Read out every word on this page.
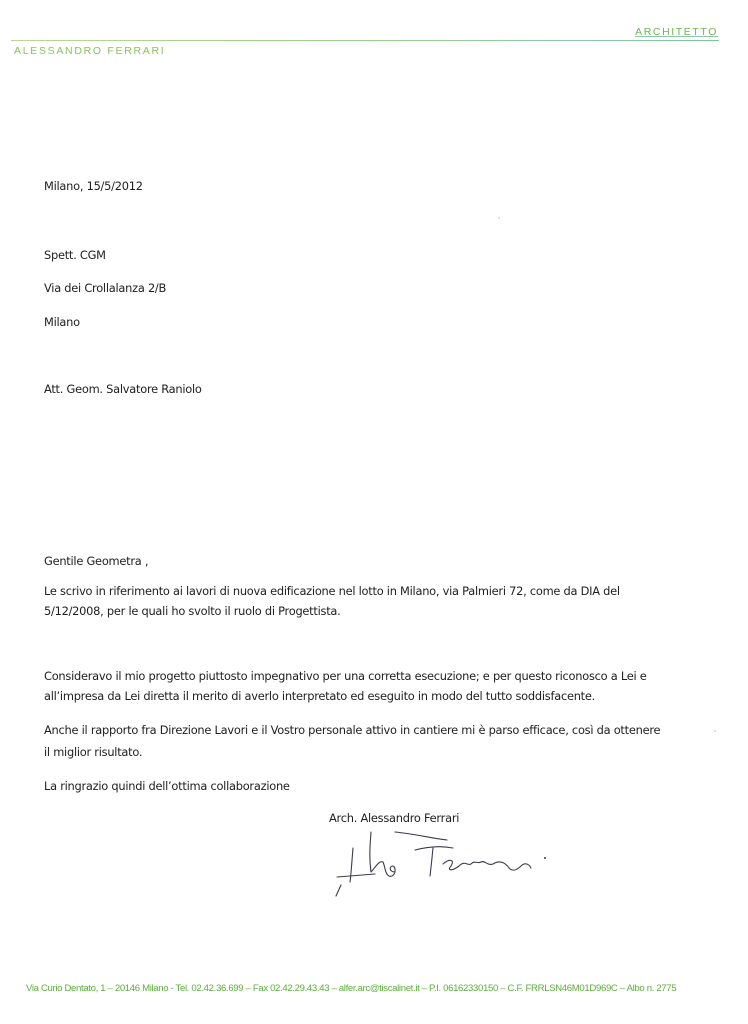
ARCHITETTO
ALESSANDRO FERRARI
Milano, 15/5/2012
Spett. CGM
Via dei Crollalanza 2/B
Milano
Att. Geom. Salvatore Raniolo
Gentile Geometra ,
Le scrivo in riferimento ai lavori di nuova edificazione nel lotto in Milano, via Palmieri 72, come da DIA del
5/12/2008, per le quali ho svolto il ruolo di Progettista.
Consideravo il mio progetto piuttosto impegnativo per una corretta esecuzione; e per questo riconosco a Lei e
all’impresa da Lei diretta il merito di averlo interpretato ed eseguito in modo del tutto soddisfacente.
Anche il rapporto fra Direzione Lavori e il Vostro personale attivo in cantiere mi è parso efficace, così da ottenere
il miglior risultato.
La ringrazio quindi dell’ottima collaborazione
Arch. Alessandro Ferrari
Via Curio Dentato, 1 – 20146 Milano - Tel. 02.42.36.699 – Fax 02.42.29.43.43 – alfer.arc@tiscalinet.it – P.I. 06162330150 – C.F. FRRLSN46M01D969C – Albo n. 2775
